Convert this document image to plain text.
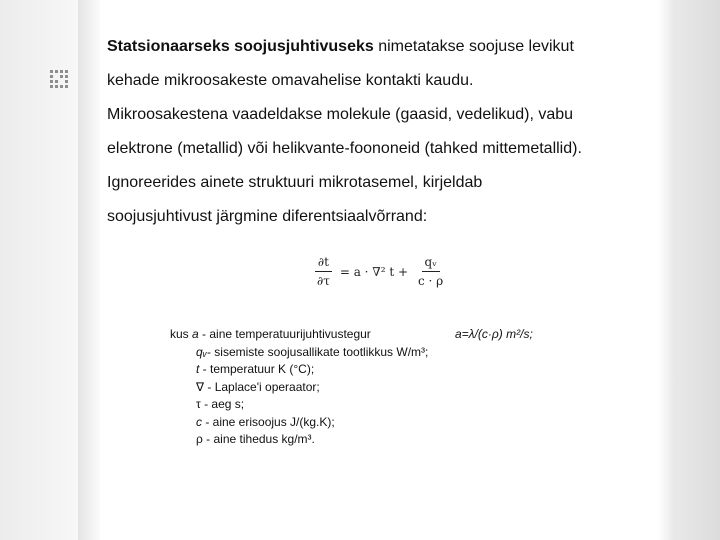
Statsionaarseks soojusjuhtivuseks nimetatakse soojuse levikut

kehade mikroosakeste omavahelise kontakti kaudu.

Mikroosakestena vaadeldakse molekule (gaasid, vedelikud), vabu

elektrone (metallid) või helikvante-foononeid (tahked mittemetallid).

Ignoreerides ainete struktuuri mikrotasemel, kirjeldab

soojusjuhtivust järgmine diferentsiaalvõrrand:

$\frac{\partial t}{\partial\tau} = a \cdot \nabla^2$ $t + \frac{\text{qᵥ}}{c \cdot \rho}$
kus a - aine temperatuurijuhtivustegur	a=λ/(c·ρ) m²/s;
qᵥ- sisemiste soojusallikate tootlikkus W/m³;
t - temperatuur K (°C);
∇ - Laplace'i operaator;
τ - aeg s;
c - aine erisoojus J/(kg.K);
ρ - aine tihedus kg/m³.
